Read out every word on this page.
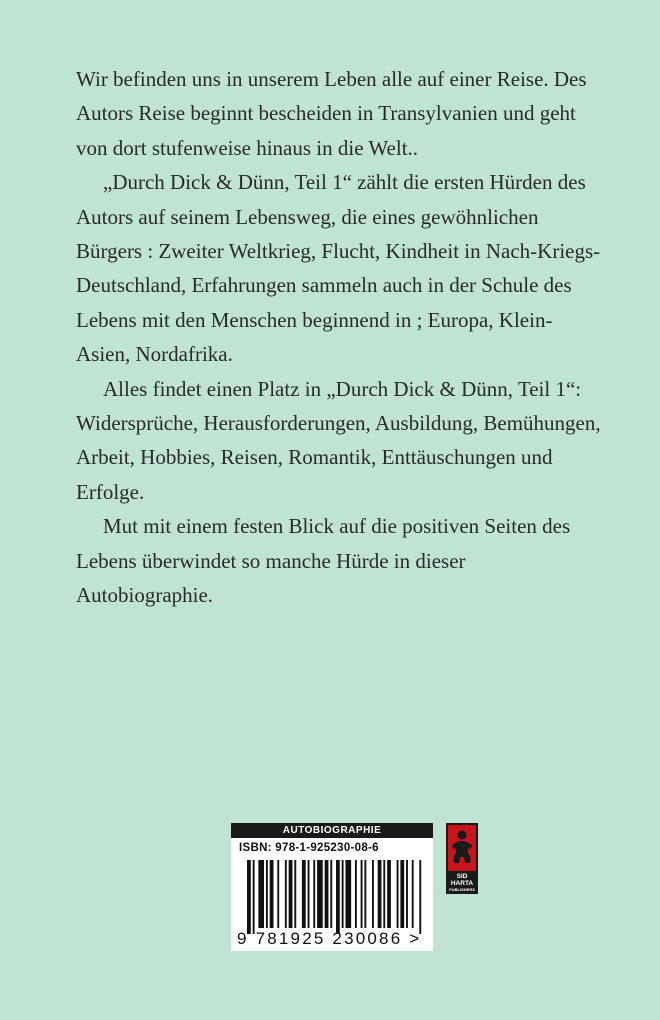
Wir befinden uns in unserem Leben alle auf einer Reise. Des Autors Reise beginnt bescheiden in Transylvanien und geht von dort stufenweise hinaus in die Welt..

„Durch Dick & Dünn, Teil 1“ zählt die ersten Hürden des Autors auf seinem Lebensweg, die eines gewöhnlichen Bürgers : Zweiter Weltkrieg, Flucht, Kindheit in Nach-Kriegs-Deutschland, Erfahrungen sammeln auch in der Schule des Lebens mit den Menschen beginnend in ; Europa, Klein-Asien, Nordafrika.

Alles findet einen Platz in „Durch Dick & Dünn, Teil 1“: Widersprüche, Herausforderungen, Ausbildung, Bemühungen, Arbeit, Hobbies, Reisen, Romantik, Enttäuschungen und Erfolge.

Mut mit einem festen Blick auf die positiven Seiten des Lebens überwindet so manche Hürde in dieser Autobiographie.

AUTOBIOGRAPHIE
ISBN: 978-1-925230-08-6
9 781925 230086 >
SID
HARTA
PUBLISHERS
